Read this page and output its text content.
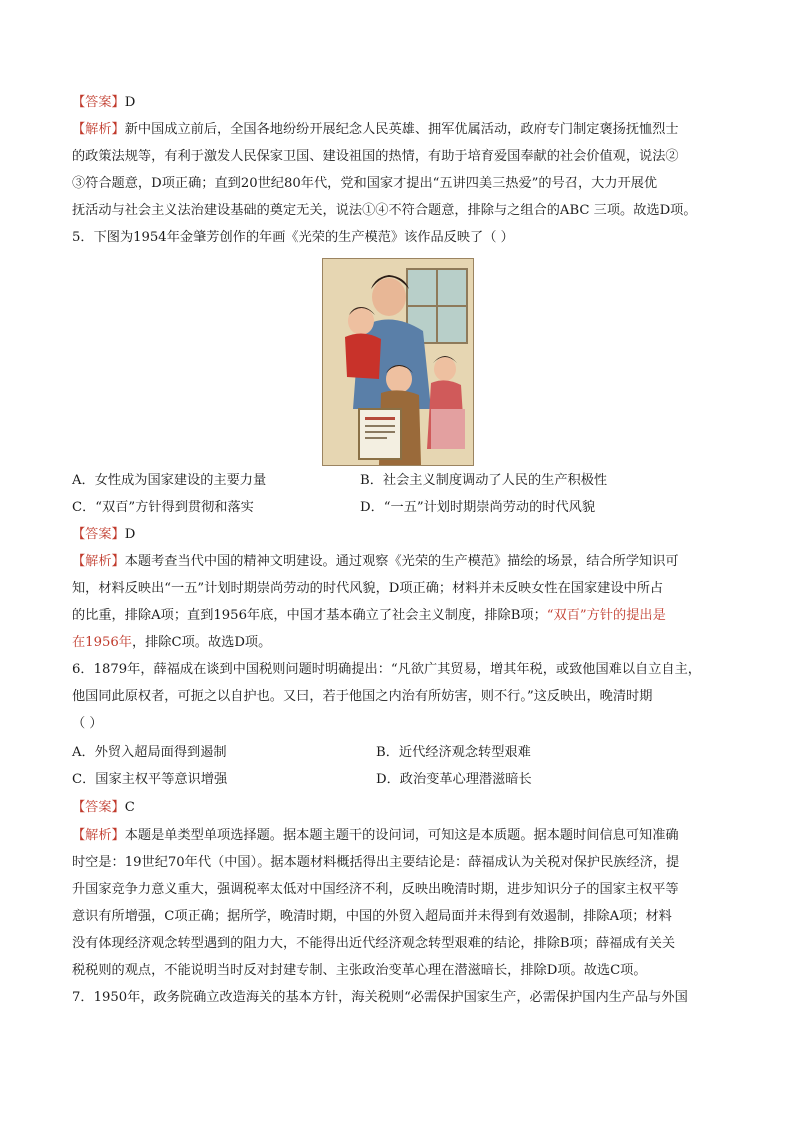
【答案】D
【解析】新中国成立前后，全国各地纷纷开展纪念人民英雄、拥军优属活动，政府专门制定褒扬抚恤烈士
的政策法规等，有利于激发人民保家卫国、建设祖国的热情，有助于培育爱国奉献的社会价值观，说法②
③符合题意，D项正确；直到20世纪80年代，党和国家才提出“五讲四美三热爱”的号召，大力开展优
抚活动与社会主义法治建设基础的奠定无关，说法①④不符合题意，排除与之组合的ABC 三项。故选D项。
5．下图为1954年金肇芳创作的年画《光荣的生产模范》该作品反映了（ ）
A．女性成为国家建设的主要力量	B．社会主义制度调动了人民的生产积极性
C．“双百”方针得到贯彻和落实	D．“一五”计划时期崇尚劳动的时代风貌
【答案】D
【解析】本题考查当代中国的精神文明建设。通过观察《光荣的生产模范》描绘的场景，结合所学知识可
知，材料反映出“一五”计划时期崇尚劳动的时代风貌，D项正确；材料并未反映女性在国家建设中所占
的比重，排除A项；直到1956年底，中国才基本确立了社会主义制度，排除B项；“双百”方针的提出是
在1956年，排除C项。故选D项。
6．1879年，薛福成在谈到中国税则问题时明确提出：“凡欲广其贸易，增其年税，或致他国难以自立自主，
他国同此原权者，可扼之以自护也。又曰，若于他国之内治有所妨害，则不行。”这反映出，晚清时期
（ ）
A．外贸入超局面得到遏制	B．近代经济观念转型艰难
C．国家主权平等意识增强	D．政治变革心理潜滋暗长
【答案】C
【解析】本题是单类型单项选择题。据本题主题干的设问词，可知这是本质题。据本题时间信息可知准确
时空是：19世纪70年代（中国）。据本题材料概括得出主要结论是：薛福成认为关税对保护民族经济，提
升国家竞争力意义重大，强调税率太低对中国经济不利，反映出晚清时期，进步知识分子的国家主权平等
意识有所增强，C项正确；据所学，晚清时期，中国的外贸入超局面并未得到有效遏制，排除A项；材料
没有体现经济观念转型遇到的阻力大，不能得出近代经济观念转型艰难的结论，排除B项；薛福成有关关
税税则的观点，不能说明当时反对封建专制、主张政治变革心理在潜滋暗长，排除D项。故选C项。
7．1950年，政务院确立改造海关的基本方针，海关税则“必需保护国家生产，必需保护国内生产品与外国
